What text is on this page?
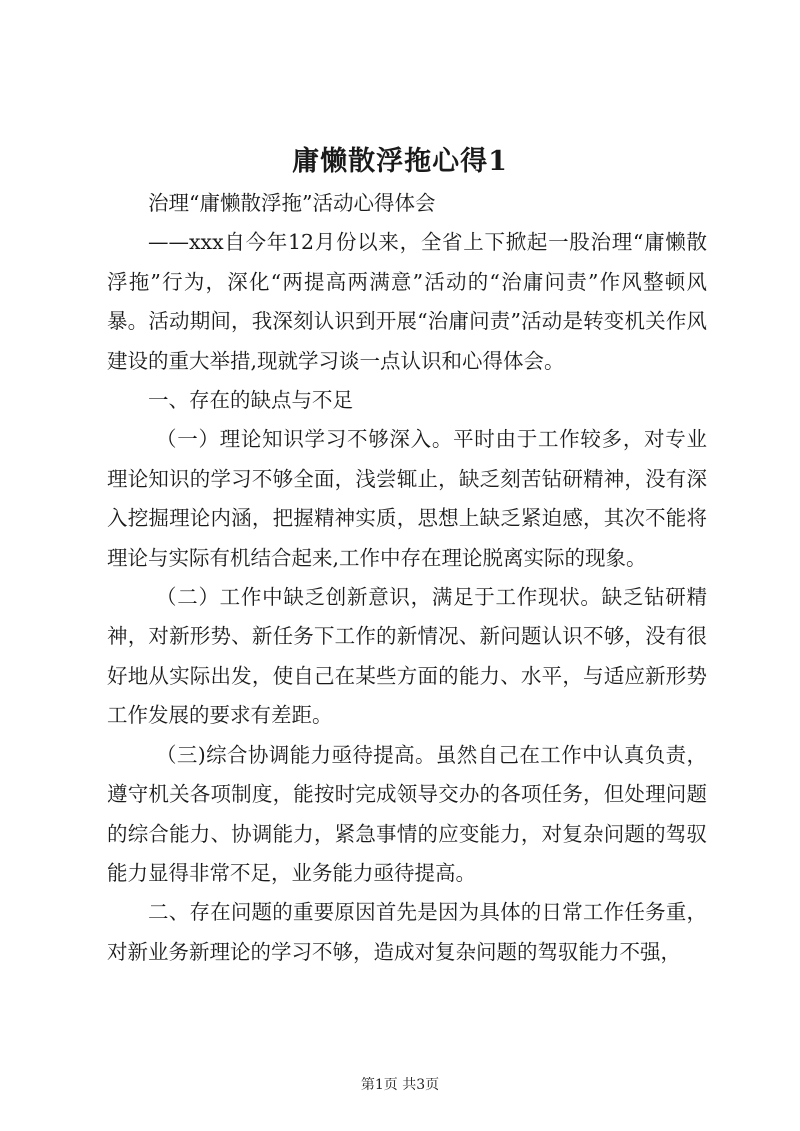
庸懒散浮拖心得1

治理“庸懒散浮拖”活动心得体会

——xxx自今年12月份以来，全省上下掀起一股治理“庸懒散浮拖”行为，深化“两提高两满意”活动的“治庸问责”作风整顿风暴。活动期间，我深刻认识到开展“治庸问责”活动是转变机关作风建设的重大举措,现就学习谈一点认识和心得体会。

一、存在的缺点与不足

（一）理论知识学习不够深入。平时由于工作较多，对专业理论知识的学习不够全面，浅尝辄止，缺乏刻苦钻研精神，没有深入挖掘理论内涵，把握精神实质，思想上缺乏紧迫感，其次不能将理论与实际有机结合起来,工作中存在理论脱离实际的现象。

（二）工作中缺乏创新意识，满足于工作现状。缺乏钻研精神，对新形势、新任务下工作的新情况、新问题认识不够，没有很好地从实际出发，使自己在某些方面的能力、水平，与适应新形势工作发展的要求有差距。

（三)综合协调能力亟待提高。虽然自己在工作中认真负责，遵守机关各项制度，能按时完成领导交办的各项任务，但处理问题的综合能力、协调能力，紧急事情的应变能力，对复杂问题的驾驭能力显得非常不足，业务能力亟待提高。

二、存在问题的重要原因首先是因为具体的日常工作任务重，对新业务新理论的学习不够，造成对复杂问题的驾驭能力不强，

第1页 共3页
